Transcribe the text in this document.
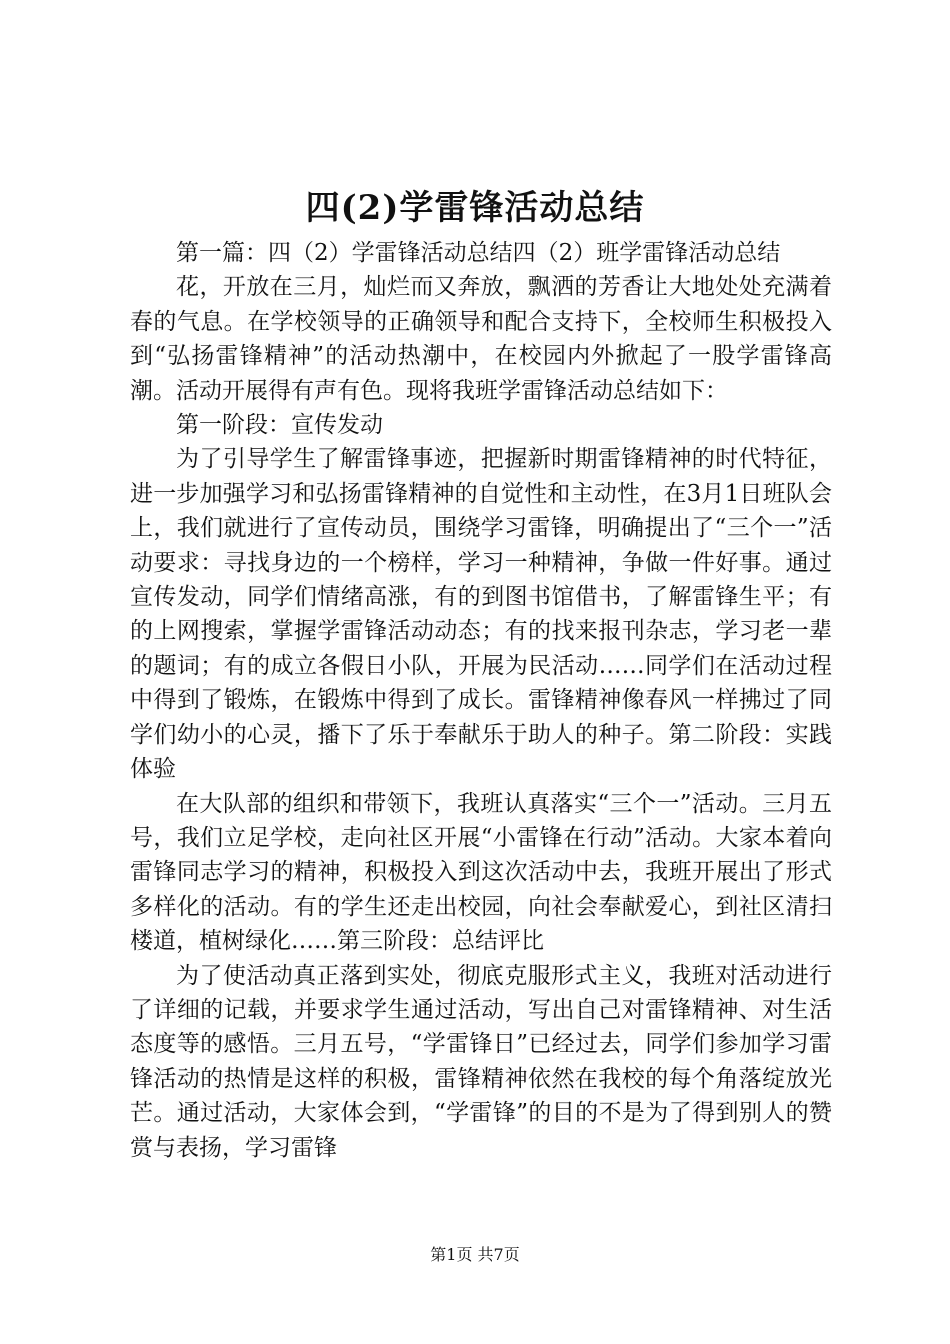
四(2)学雷锋活动总结

第一篇：四（2）学雷锋活动总结四（2）班学雷锋活动总结

花，开放在三月，灿烂而又奔放，飘洒的芳香让大地处处充满着春的气息。在学校领导的正确领导和配合支持下，全校师生积极投入到“弘扬雷锋精神”的活动热潮中，在校园内外掀起了一股学雷锋高潮。活动开展得有声有色。现将我班学雷锋活动总结如下：

第一阶段：宣传发动

为了引导学生了解雷锋事迹，把握新时期雷锋精神的时代特征，进一步加强学习和弘扬雷锋精神的自觉性和主动性，在3月1日班队会上，我们就进行了宣传动员，围绕学习雷锋，明确提出了“三个一”活动要求：寻找身边的一个榜样，学习一种精神，争做一件好事。通过宣传发动，同学们情绪高涨，有的到图书馆借书，了解雷锋生平；有的上网搜索，掌握学雷锋活动动态；有的找来报刊杂志，学习老一辈的题词；有的成立各假日小队，开展为民活动……同学们在活动过程中得到了锻炼，在锻炼中得到了成长。雷锋精神像春风一样拂过了同学们幼小的心灵，播下了乐于奉献乐于助人的种子。第二阶段：实践体验

在大队部的组织和带领下，我班认真落实“三个一”活动。三月五号，我们立足学校，走向社区开展“小雷锋在行动”活动。大家本着向雷锋同志学习的精神，积极投入到这次活动中去，我班开展出了形式多样化的活动。有的学生还走出校园，向社会奉献爱心，到社区清扫楼道，植树绿化……第三阶段：总结评比

为了使活动真正落到实处，彻底克服形式主义，我班对活动进行了详细的记载，并要求学生通过活动，写出自己对雷锋精神、对生活态度等的感悟。三月五号，“学雷锋日”已经过去，同学们参加学习雷锋活动的热情是这样的积极，雷锋精神依然在我校的每个角落绽放光芒。通过活动，大家体会到，“学雷锋”的目的不是为了得到别人的赞赏与表扬，学习雷锋

第1页 共7页
